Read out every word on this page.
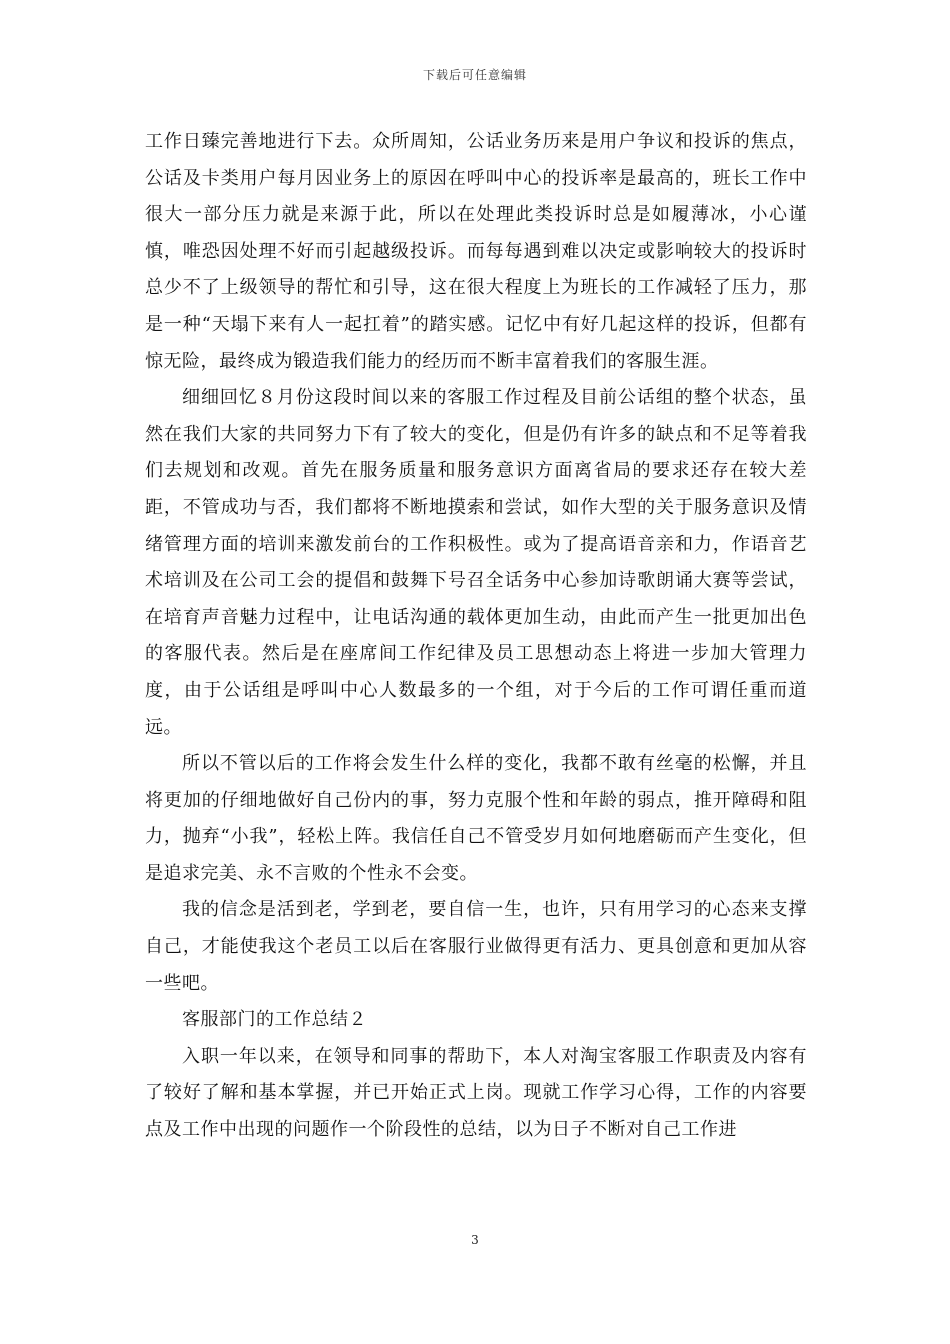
下载后可任意编辑

工作日臻完善地进行下去。众所周知，公话业务历来是用户争议和投诉的焦点，公话及卡类用户每月因业务上的原因在呼叫中心的投诉率是最高的，班长工作中很大一部分压力就是来源于此，所以在处理此类投诉时总是如履薄冰，小心谨慎，唯恐因处理不好而引起越级投诉。而每每遇到难以决定或影响较大的投诉时总少不了上级领导的帮忙和引导，这在很大程度上为班长的工作减轻了压力，那是一种“天塌下来有人一起扛着”的踏实感。记忆中有好几起这样的投诉，但都有惊无险，最终成为锻造我们能力的经历而不断丰富着我们的客服生涯。

细细回忆８月份这段时间以来的客服工作过程及目前公话组的整个状态，虽然在我们大家的共同努力下有了较大的变化，但是仍有许多的缺点和不足等着我们去规划和改观。首先在服务质量和服务意识方面离省局的要求还存在较大差距，不管成功与否，我们都将不断地摸索和尝试，如作大型的关于服务意识及情绪管理方面的培训来激发前台的工作积极性。或为了提高语音亲和力，作语音艺术培训及在公司工会的提倡和鼓舞下号召全话务中心参加诗歌朗诵大赛等尝试，在培育声音魅力过程中，让电话沟通的载体更加生动，由此而产生一批更加出色的客服代表。然后是在座席间工作纪律及员工思想动态上将进一步加大管理力度，由于公话组是呼叫中心人数最多的一个组，对于今后的工作可谓任重而道远。

所以不管以后的工作将会发生什么样的变化，我都不敢有丝毫的松懈，并且将更加的仔细地做好自己份内的事，努力克服个性和年龄的弱点，推开障碍和阻力，抛弃“小我”，轻松上阵。我信任自己不管受岁月如何地磨砺而产生变化，但是追求完美、永不言败的个性永不会变。

我的信念是活到老，学到老，要自信一生，也许，只有用学习的心态来支撑自己，才能使我这个老员工以后在客服行业做得更有活力、更具创意和更加从容一些吧。

客服部门的工作总结２

入职一年以来，在领导和同事的帮助下，本人对淘宝客服工作职责及内容有了较好了解和基本掌握，并已开始正式上岗。现就工作学习心得，工作的内容要点及工作中出现的问题作一个阶段性的总结，以为日子不断对自己工作进

3
